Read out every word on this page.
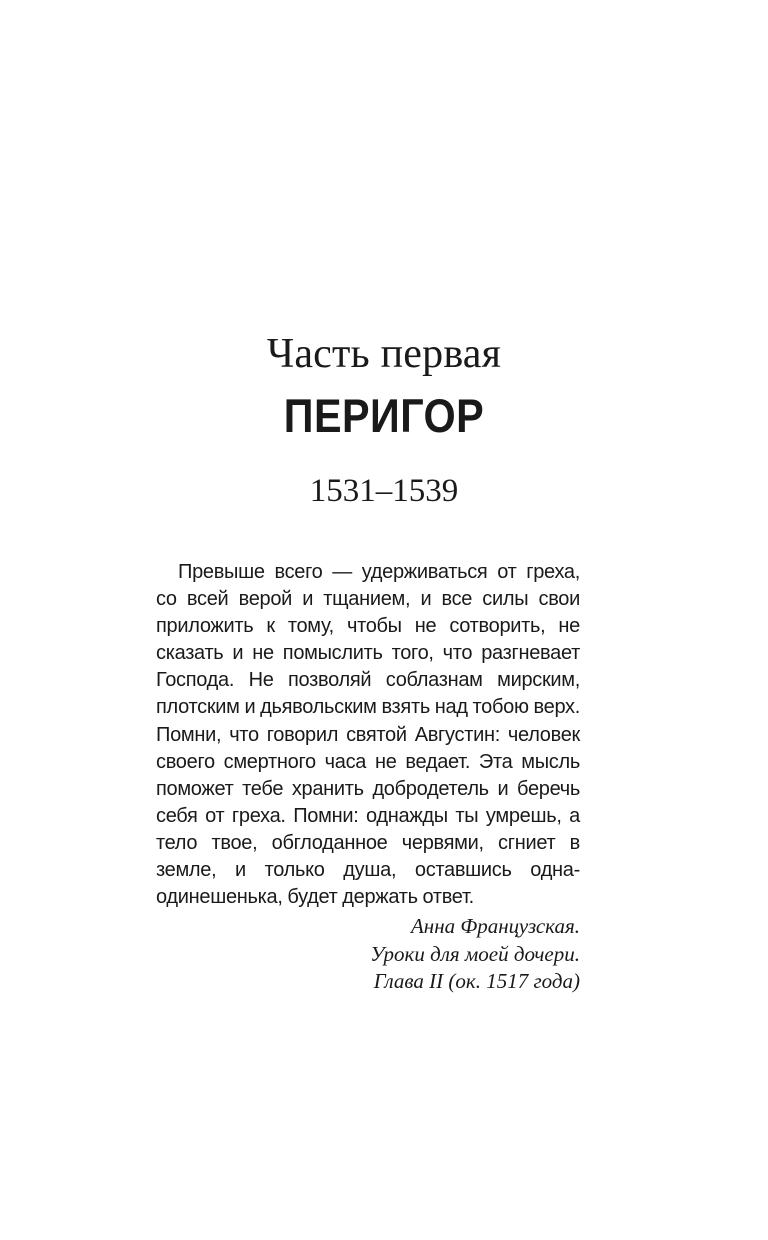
Часть первая
ПЕРИГОР
1531–1539

Превыше всего — удерживаться от греха, со всей верой и тщанием, и все силы свои приложить к тому, чтобы не сотворить, не сказать и не помыслить того, что разгневает Господа. Не позволяй соблазнам мирским, плотским и дьявольским взять над тобою верх. Помни, что говорил святой Августин: человек своего смертного часа не ведает. Эта мысль поможет тебе хранить добродетель и беречь себя от греха. Помни: однажды ты умрешь, а тело твое, обглоданное червями, сгниет в земле, и только душа, оставшись одна-одинешенька, будет держать ответ.

Анна Французская.
Уроки для моей дочери.
Глава II (ок. 1517 года)
